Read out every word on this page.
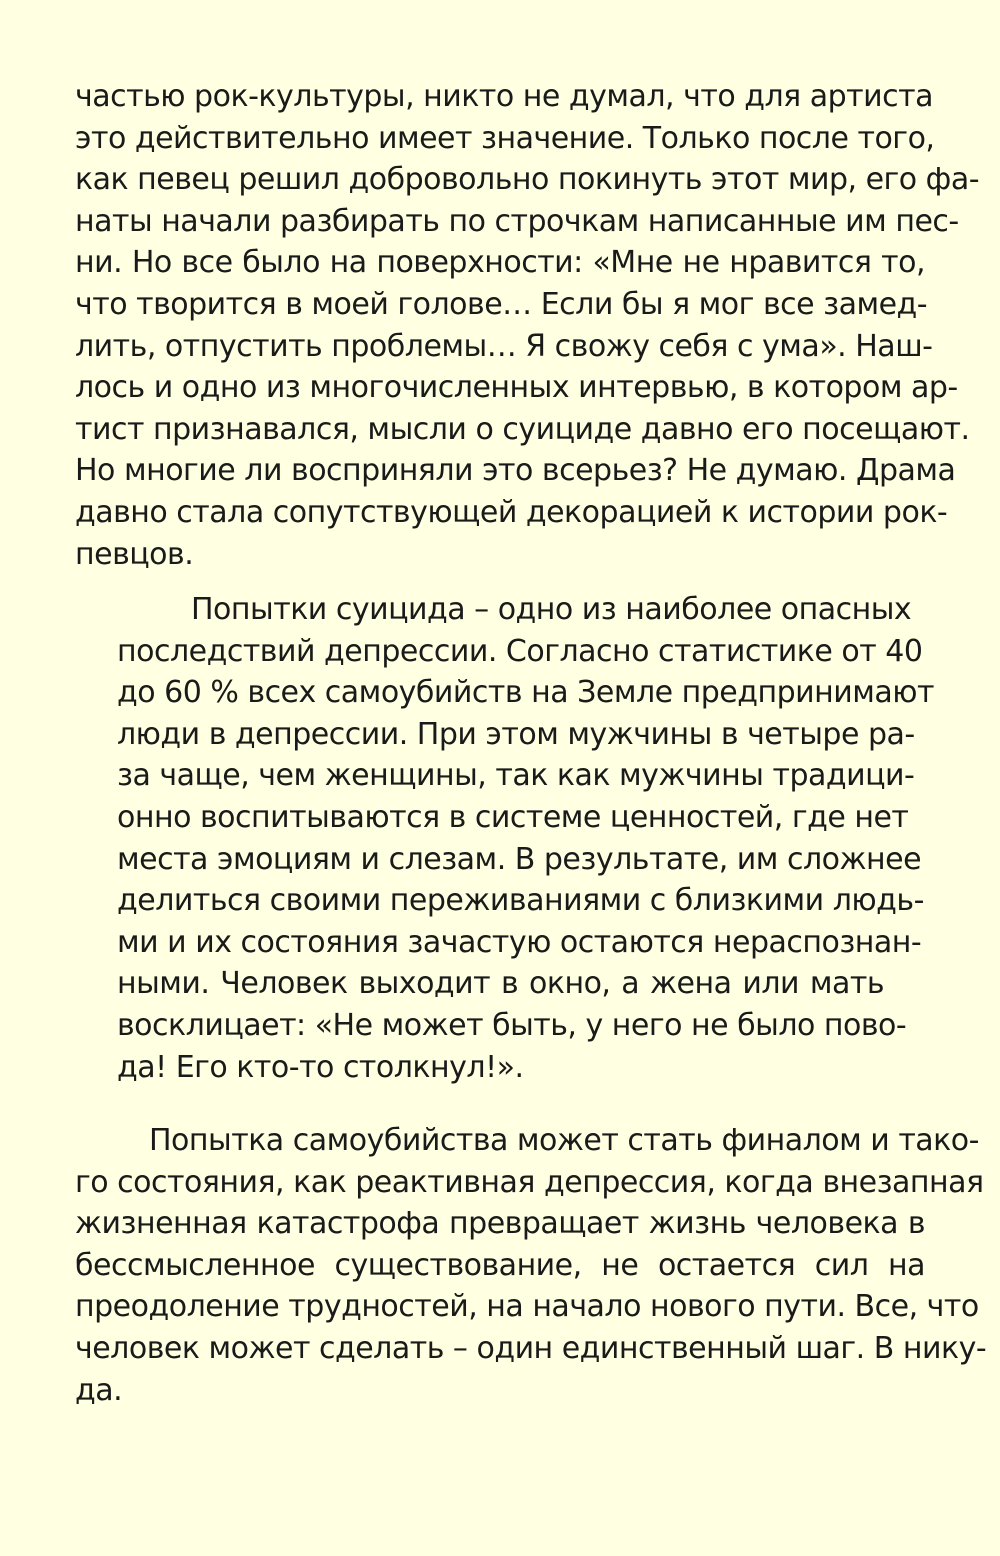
частью рок-культуры, никто не думал, что для артиста
это действительно имеет значение. Только после того,
как певец решил добровольно покинуть этот мир, его фа-
наты начали разбирать по строчкам написанные им пес-
ни. Но все было на поверхности: «Мне не нравится то,
что творится в моей голове… Если бы я мог все замед-
лить, отпустить проблемы… Я свожу себя с ума». Наш-
лось и одно из многочисленных интервью, в котором ар-
тист признавался, мысли о суициде давно его посещают.
Но многие ли восприняли это всерьез? Не думаю. Драма
давно стала сопутствующей декорацией к истории рок-
певцов.
Попытки суицида – одно из наиболее опасных
последствий депрессии. Согласно статистике от 40
до 60 % всех самоубийств на Земле предпринимают
люди в депрессии. При этом мужчины в четыре ра-
за чаще, чем женщины, так как мужчины традици-
онно воспитываются в системе ценностей, где нет
места эмоциям и слезам. В результате, им сложнее
делиться своими переживаниями с близкими людь-
ми и их состояния зачастую остаются нераспознан-
ными. Человек выходит в окно, а жена или мать
восклицает: «Не может быть, у него не было пово-
да! Его кто-то столкнул!».
Попытка самоубийства может стать финалом и тако-
го состояния, как реактивная депрессия, когда внезапная
жизненная катастрофа превращает жизнь человека в
бессмысленное существование, не остается сил на
преодоление трудностей, на начало нового пути. Все, что
человек может сделать – один единственный шаг. В нику-
да.
